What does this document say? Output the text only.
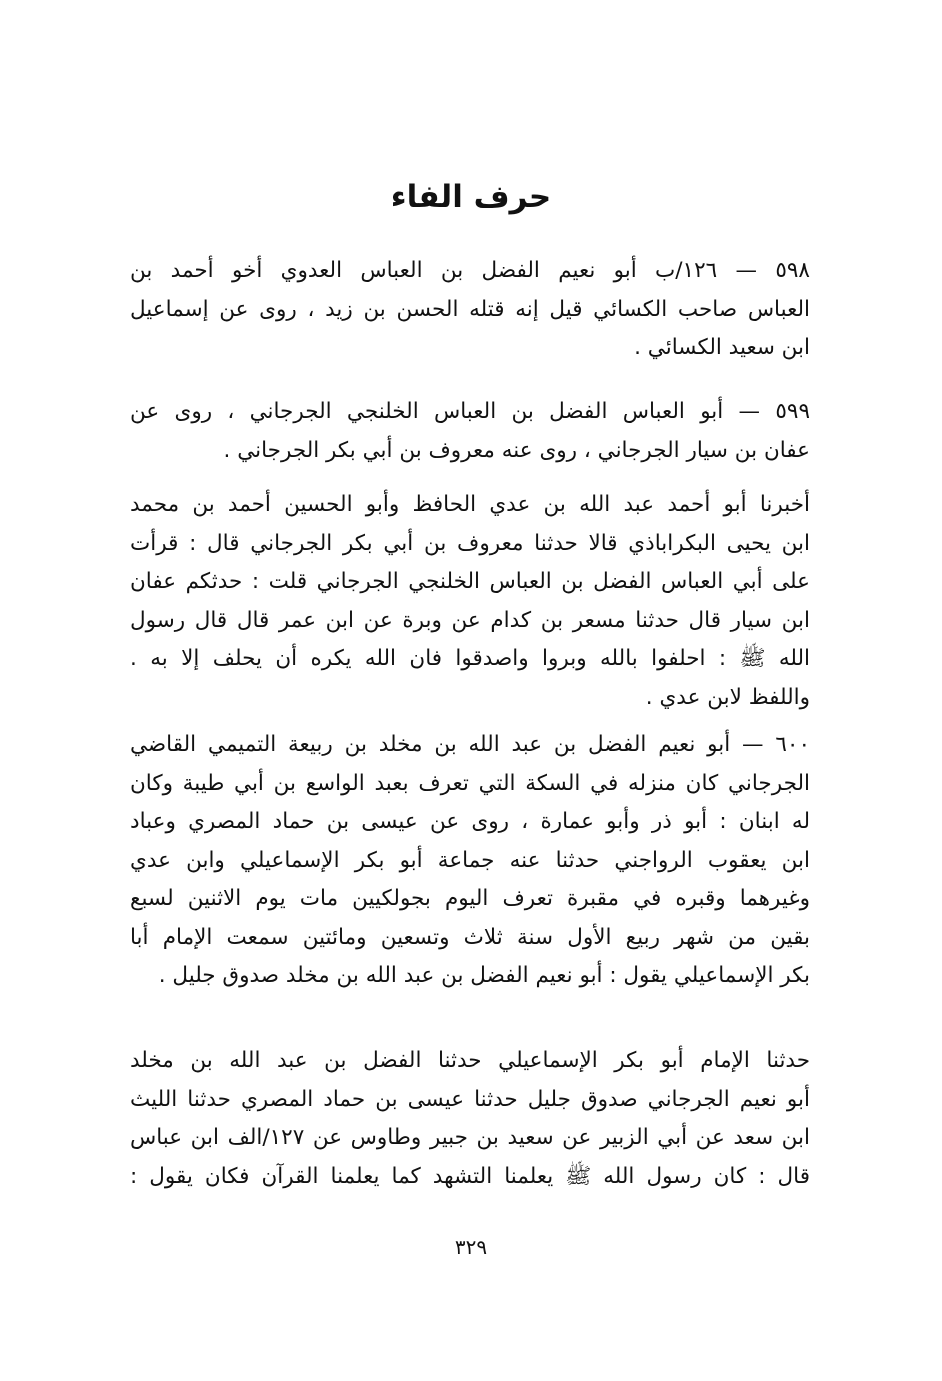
حرف الفاء
٥٩٨ — ١٢٦/ب أبو نعيم الفضل بن العباس العدوي أخو أحمد بن
العباس صاحب الكسائي قيل إنه قتله الحسن بن زيد ، روى عن إسماعيل
ابن سعيد الكسائي .
٥٩٩ — أبو العباس الفضل بن العباس الخلنجي الجرجاني ، روى عن
عفان بن سيار الجرجاني ، روى عنه معروف بن أبي بكر الجرجاني .
أخبرنا أبو أحمد عبد الله بن عدي الحافظ وأبو الحسين أحمد بن محمد
ابن يحيى البكراباذي قالا حدثنا معروف بن أبي بكر الجرجاني قال : قرأت
على أبي العباس الفضل بن العباس الخلنجي الجرجاني قلت : حدثكم عفان
ابن سيار قال حدثنا مسعر بن كدام عن وبرة عن ابن عمر قال قال رسول
الله ﷺ : احلفوا بالله وبروا واصدقوا فان الله يكره أن يحلف إلا به .
واللفظ لابن عدي .
٦٠٠ — أبو نعيم الفضل بن عبد الله بن مخلد بن ربيعة التميمي القاضي
الجرجاني كان منزله في السكة التي تعرف بعبد الواسع بن أبي طيبة وكان
له ابنان : أبو ذر وأبو عمارة ، روى عن عيسى بن حماد المصري وعباد
ابن يعقوب الرواجني حدثنا عنه جماعة أبو بكر الإسماعيلي وابن عدي
وغيرهما وقبره في مقبرة تعرف اليوم بجولكيين مات يوم الاثنين لسبع
بقين من شهر ربيع الأول سنة ثلاث وتسعين ومائتين سمعت الإمام أبا
بكر الإسماعيلي يقول : أبو نعيم الفضل بن عبد الله بن مخلد صدوق جليل .
حدثنا الإمام أبو بكر الإسماعيلي حدثنا الفضل بن عبد الله بن مخلد
أبو نعيم الجرجاني صدوق جليل حدثنا عيسى بن حماد المصري حدثنا الليث
ابن سعد عن أبي الزبير عن سعيد بن جبير وطاوس عن ١٢٧/الف ابن عباس
قال : كان رسول الله ﷺ يعلمنا التشهد كما يعلمنا القرآن فكان يقول :
٣٢٩
